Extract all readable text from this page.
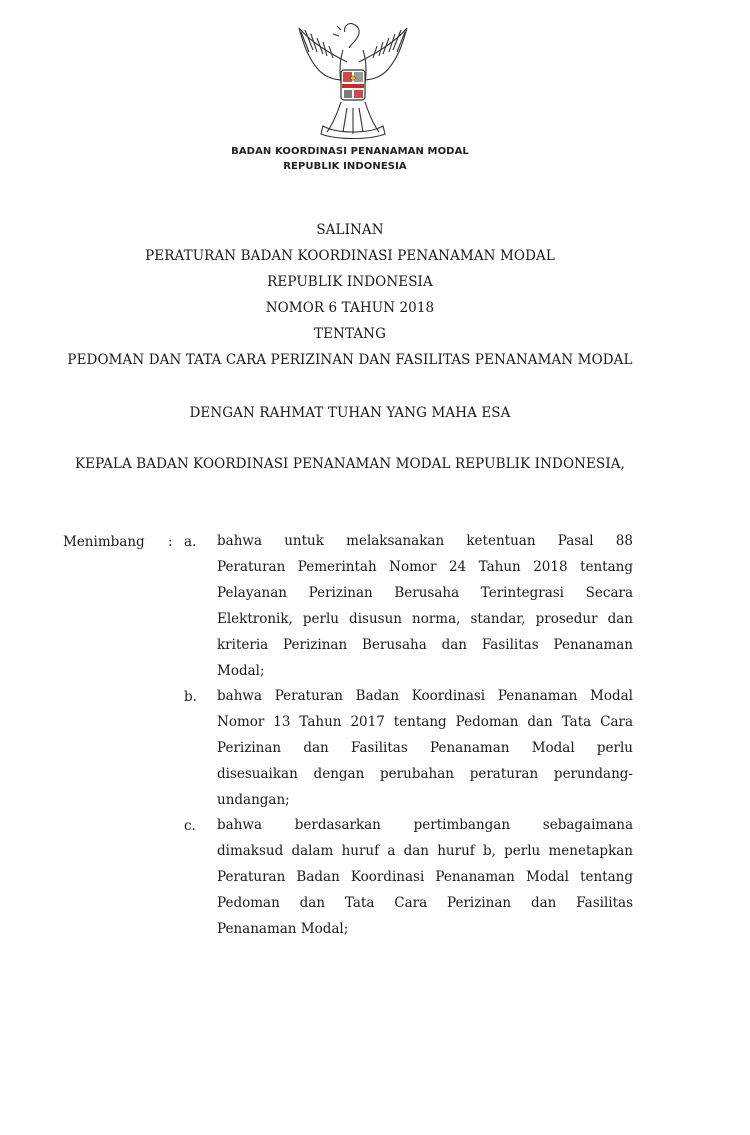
BADAN KOORDINASI PENANAMAN MODAL
REPUBLIK INDONESIA
SALINAN
PERATURAN BADAN KOORDINASI PENANAMAN MODAL
REPUBLIK INDONESIA
NOMOR 6 TAHUN 2018
TENTANG
PEDOMAN DAN TATA CARA PERIZINAN DAN FASILITAS PENANAMAN MODAL
DENGAN RAHMAT TUHAN YANG MAHA ESA
KEPALA BADAN KOORDINASI PENANAMAN MODAL REPUBLIK INDONESIA,
Menimbang : a. bahwa untuk melaksanakan ketentuan Pasal 88
Peraturan Pemerintah Nomor 24 Tahun 2018 tentang
Pelayanan Perizinan Berusaha Terintegrasi Secara
Elektronik, perlu disusun norma, standar, prosedur dan
kriteria Perizinan Berusaha dan Fasilitas Penanaman
Modal;
b. bahwa Peraturan Badan Koordinasi Penanaman Modal
Nomor 13 Tahun 2017 tentang Pedoman dan Tata Cara
Perizinan dan Fasilitas Penanaman Modal perlu
disesuaikan dengan perubahan peraturan perundang-
undangan;
c. bahwa berdasarkan pertimbangan sebagaimana
dimaksud dalam huruf a dan huruf b, perlu menetapkan
Peraturan Badan Koordinasi Penanaman Modal tentang
Pedoman dan Tata Cara Perizinan dan Fasilitas
Penanaman Modal;
